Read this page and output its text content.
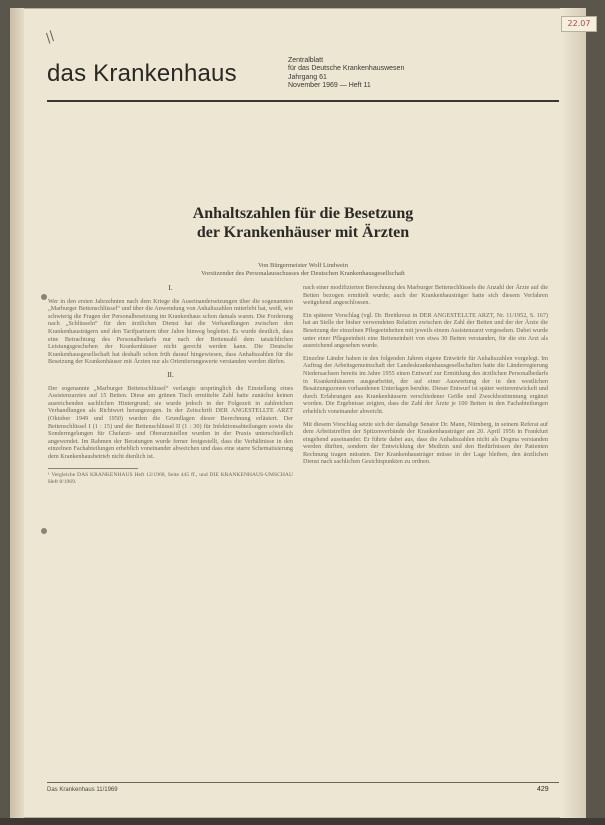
∕∕
22.07
das Krankenhaus	Zentralblatt
für das Deutsche Krankenhauswesen
Jahrgang 61
November 1969 — Heft 11
Anhaltszahlen für die Besetzung
der Krankenhäuser mit Ärzten
Von Bürgermeister Wolf Lindwein
Vorsitzender des Personalausschusses der Deutschen Krankenhausgesellschaft
I.

Wer in den ersten Jahrzehnten nach dem Kriege die Auseinandersetzungen über die sogenannten „Marburger Bettenschlüssel“ und über die Anwendung von Anhaltszahlen miterlebt hat, weiß, wie schwierig die Fragen der Personalbesetzung im Krankenhaus schon damals waren. Die Forderung nach „Schlüsseln“ für den ärztlichen Dienst hat die Verhandlungen zwischen den Krankenhausträgern und den Tarifpartnern über Jahre hinweg begleitet. Es wurde deutlich, dass eine Betrachtung des Personalbedarfs nur nach der Bettenzahl dem tatsächlichen Leistungsgeschehen der Krankenhäuser nicht gerecht werden kann. Die Deutsche Krankenhausgesellschaft hat deshalb schon früh darauf hingewiesen, dass Anhaltszahlen für die Besetzung der Krankenhäuser mit Ärzten nur als Orientierungswerte verstanden werden dürfen.

II.

Der sogenannte „Marburger Bettenschlüssel“ verlangte ursprünglich die Einstellung eines Assistenzarztes auf 15 Betten. Diese am grünen Tisch ermittelte Zahl hatte zunächst keinen ausreichenden sachlichen Hintergrund; sie wurde jedoch in der Folgezeit in zahlreichen Verhandlungen als Richtwert herangezogen. In der Zeitschrift DER ANGESTELLTE ARZT (Oktober 1949 und 1950) wurden die Grundlagen dieser Berechnung erläutert. Der Bettenschlüssel I (1 : 15) und der Bettenschlüssel II (1 : 30) für Infektionsabteilungen sowie die Sonderregelungen für Chefarzt- und Oberarztstellen wurden in der Praxis unterschiedlich angewendet. Im Rahmen der Beratungen wurde ferner festgestellt, dass die Verhältnisse in den einzelnen Fachabteilungen erheblich voneinander abweichen und dass eine starre Schematisierung dem Krankenhausbetrieb nicht dienlich ist.

¹ Vergleiche DAS KRANKENHAUS Heft 12/1968, Seite 445 ff., und DIE KRANKENHAUS-UMSCHAU Heft 8/1969.

nach einer modifizierten Berechnung des Marburger Bettenschlüssels die Anzahl der Ärzte auf die Betten bezogen ermittelt wurde; auch der Krankenhausträger hatte sich diesem Verfahren weitgehend angeschlossen.

Ein späterer Vorschlag (vgl. Dr. Breitkreuz in DER ANGESTELLTE ARZT, Nr. 11/1952, S. 167) hat an Stelle der bisher verwendeten Relation zwischen der Zahl der Betten und der der Ärzte die Besetzung der einzelnen Pflegeeinheiten mit jeweils einem Assistenzarzt vorgesehen. Dabei wurde unter einer Pflegeeinheit eine Betteneinheit von etwa 30 Betten verstanden, für die ein Arzt als ausreichend angesehen wurde.

Einzelne Länder haben in den folgenden Jahren eigene Entwürfe für Anhaltszahlen vorgelegt. Im Auftrag der Arbeitsgemeinschaft der Landeskrankenhausgesellschaften hatte die Länderregierung Niedersachsen bereits im Jahre 1955 einen Entwurf zur Ermittlung des ärztlichen Personalbedarfs in Krankenhäusern ausgearbeitet, der auf einer Auswertung der in den westlichen Besatzungszonen vorhandenen Unterlagen beruhte. Dieser Entwurf ist später weiterentwickelt und durch Erfahrungen aus Krankenhäusern verschiedener Größe und Zweckbestimmung ergänzt worden. Die Ergebnisse zeigten, dass die Zahl der Ärzte je 100 Betten in den Fachabteilungen erheblich voneinander abweicht.

Mit diesem Vorschlag setzte sich der damalige Senator Dr. Mann, Nürnberg, in seinem Referat auf dem Arbeitstreffen der Spitzenverbände der Krankenhausträger am 20. April 1956 in Frankfurt eingehend auseinander. Er führte dabei aus, dass die Anhaltszahlen nicht als Dogma verstanden werden dürften, sondern der Entwicklung der Medizin und den Bedürfnissen der Patienten Rechnung tragen müssten. Der Krankenhausträger müsse in der Lage bleiben, den ärztlichen Dienst nach sachlichen Gesichtspunkten zu ordnen.

Das Krankenhaus 11/1969	429
